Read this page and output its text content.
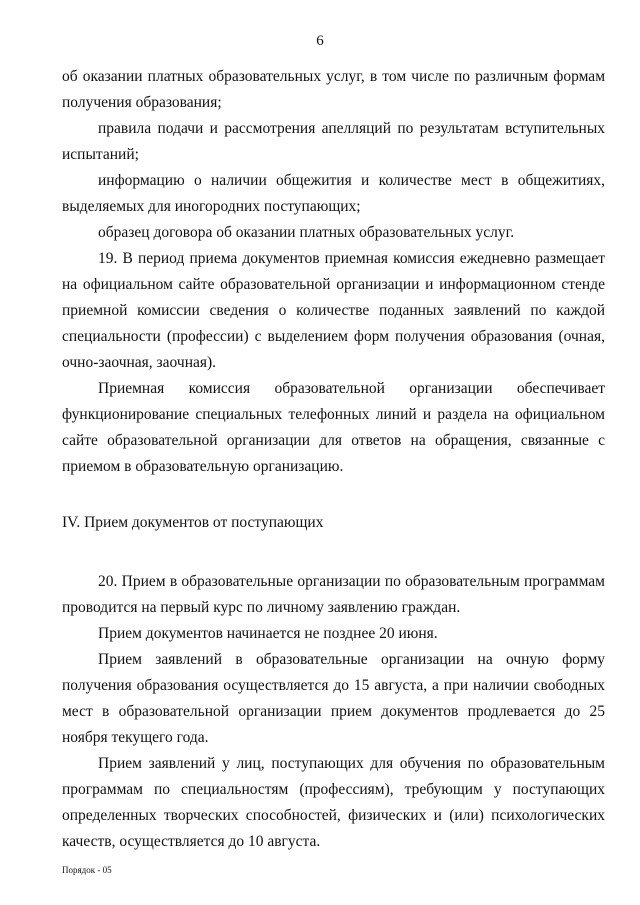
6

об оказании платных образовательных услуг, в том числе по различным формам получения образования;

правила подачи и рассмотрения апелляций по результатам вступительных испытаний;

информацию о наличии общежития и количестве мест в общежитиях, выделяемых для иногородних поступающих;

образец договора об оказании платных образовательных услуг.

19. В период приема документов приемная комиссия ежедневно размещает на официальном сайте образовательной организации и информационном стенде приемной комиссии сведения о количестве поданных заявлений по каждой специальности (профессии) с выделением форм получения образования (очная, очно-заочная, заочная).

Приемная комиссия образовательной организации обеспечивает функционирование специальных телефонных линий и раздела на официальном сайте образовательной организации для ответов на обращения, связанные с приемом в образовательную организацию.

IV. Прием документов от поступающих

20. Прием в образовательные организации по образовательным программам проводится на первый курс по личному заявлению граждан.

Прием документов начинается не позднее 20 июня.

Прием заявлений в образовательные организации на очную форму получения образования осуществляется до 15 августа, а при наличии свободных мест в образовательной организации прием документов продлевается до 25 ноября текущего года.

Прием заявлений у лиц, поступающих для обучения по образовательным программам по специальностям (профессиям), требующим у поступающих определенных творческих способностей, физических и (или) психологических качеств, осуществляется до 10 августа.

Порядок - 05
